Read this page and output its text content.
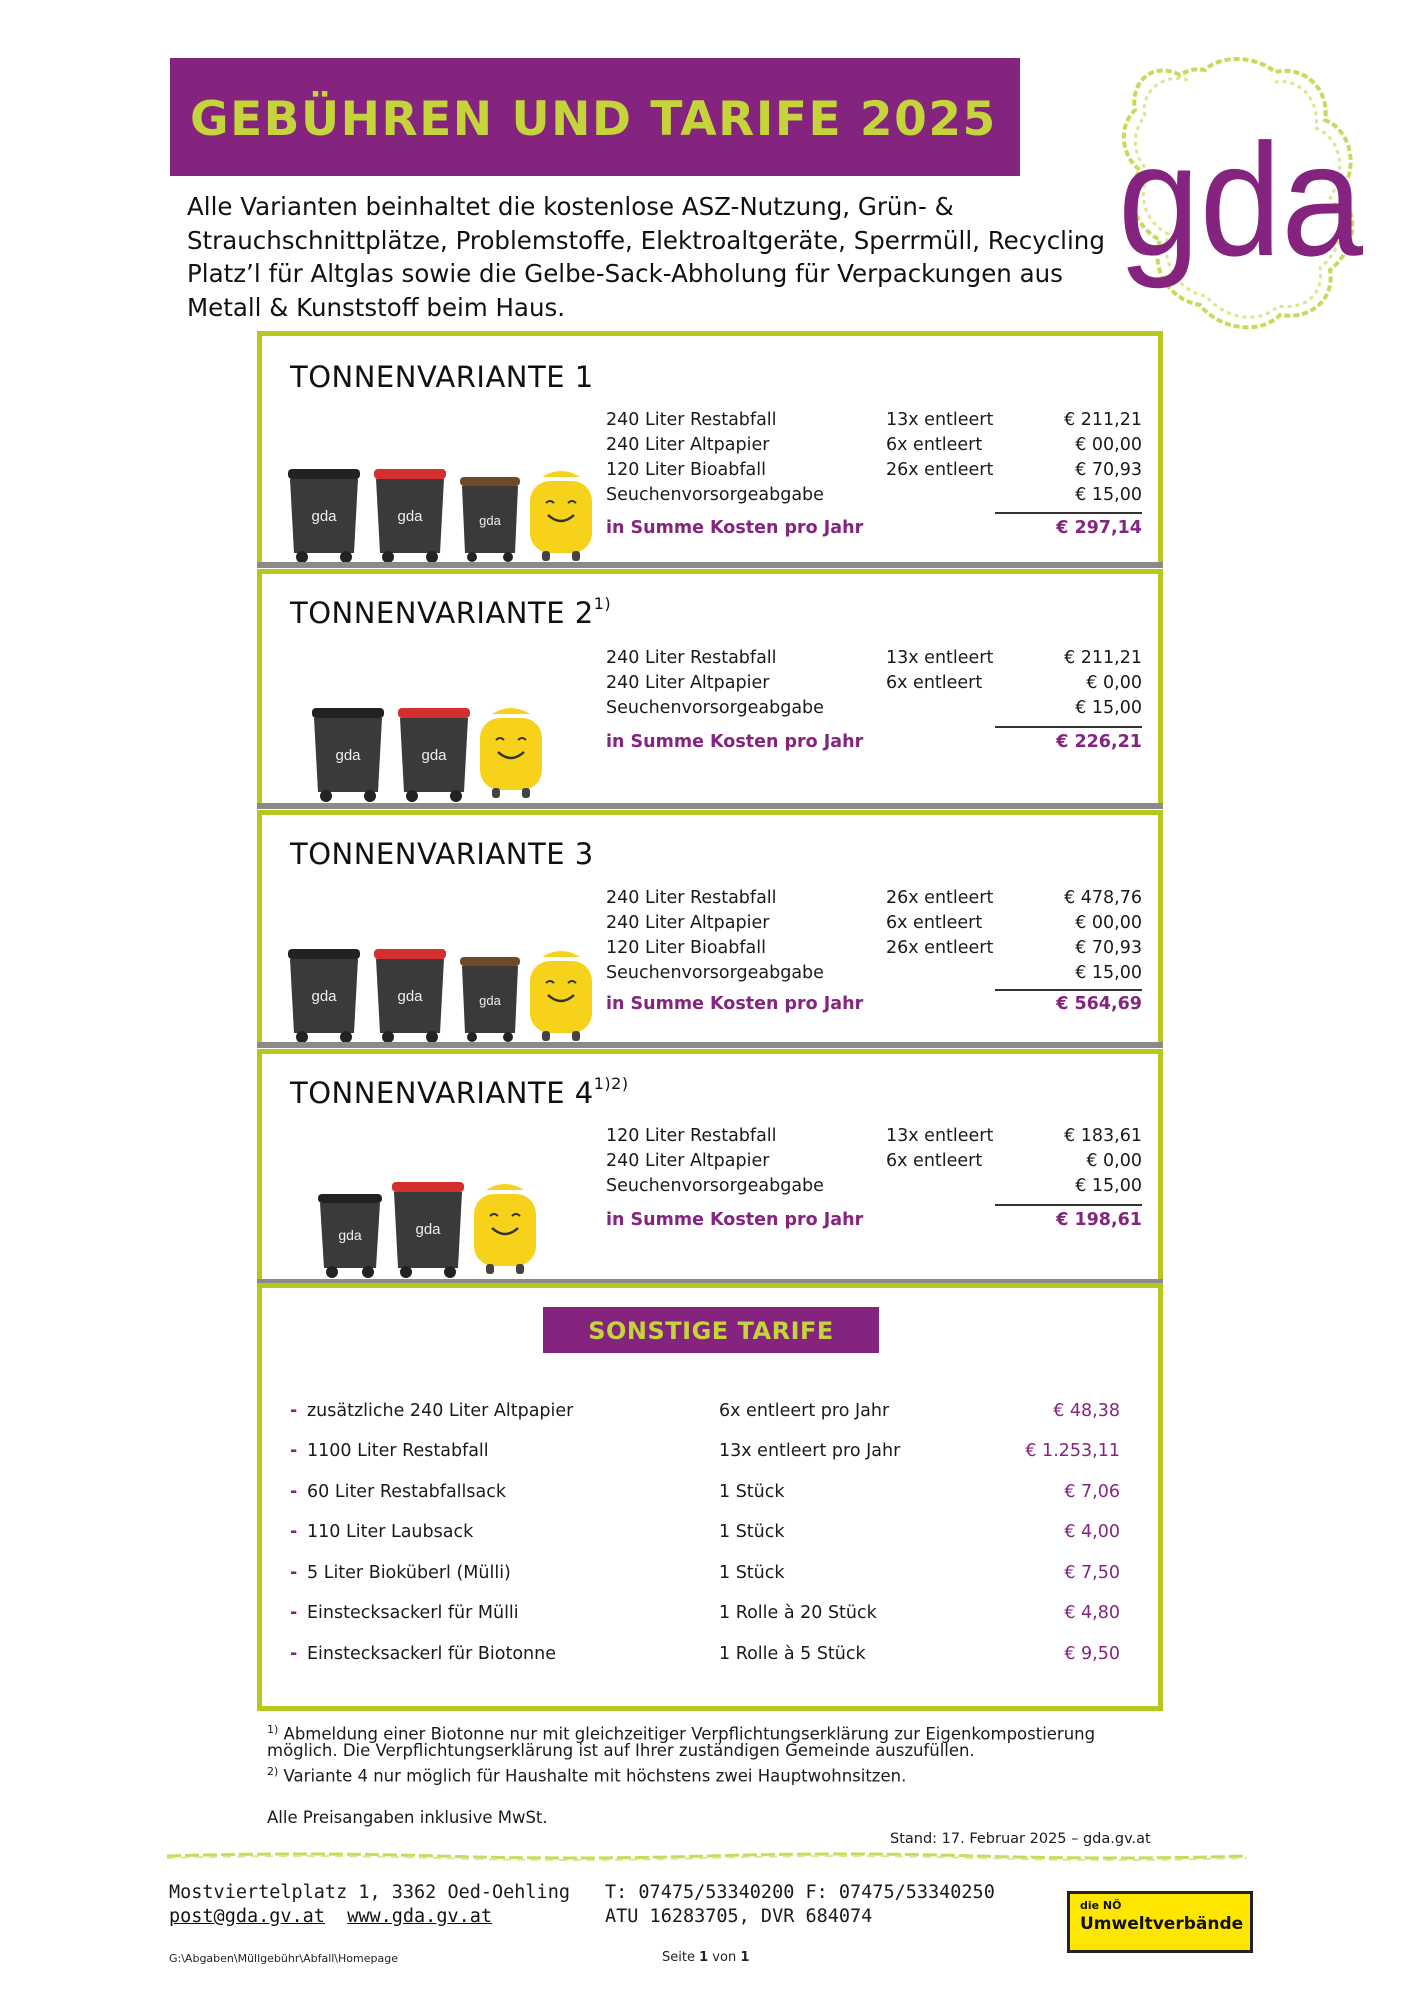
GEBÜHREN UND TARIFE 2025 gda
Alle Varianten beinhaltet die kostenlose ASZ-Nutzung, Grün- & Strauchschnittplätze, Problemstoffe, Elektroaltgeräte, Sperrmüll, Recycling Platz’l für Altglas sowie die Gelbe-Sack-Abholung für Verpackungen aus Metall & Kunststoff beim Haus.
TONNENVARIANTE 1
gda	gda	gda
240 Liter Restabfall	13x entleert	€ 211,21
240 Liter Altpapier	6x entleert	€ 00,00
120 Liter Bioabfall	26x entleert	€ 70,93
Seuchenvorsorgeabgabe	€ 15,00
in Summe Kosten pro Jahr	€ 297,14
TONNENVARIANTE 2$^{1)}$
gda	gda
240 Liter Restabfall	13x entleert	€ 211,21
240 Liter Altpapier	6x entleert	€ 0,00
Seuchenvorsorgeabgabe	€ 15,00
in Summe Kosten pro Jahr	€ 226,21
TONNENVARIANTE 3
gda	gda	gda
240 Liter Restabfall	26x entleert	€ 478,76
240 Liter Altpapier	6x entleert	€ 00,00
120 Liter Bioabfall	26x entleert	€ 70,93
Seuchenvorsorgeabgabe	€ 15,00
in Summe Kosten pro Jahr	€ 564,69
TONNENVARIANTE $4^{1)2)}$
gda	gda
120 Liter Restabfall	13x entleert	€ 183,61
240 Liter Altpapier	6x entleert	€ 0,00
Seuchenvorsorgeabgabe	€ 15,00
in Summe Kosten pro Jahr	€ 198,61
SONSTIGE TARIFE
- zusätzliche 240 Liter Altpapier	6x entleert pro Jahr	€ 48,38
- 1100 Liter Restabfall	13x entleert pro Jahr	€ 1.253,11
- 60 Liter Restabfallsack	1 Stück	€ 7,06
- 110 Liter Laubsack	1 Stück	€ 4,00
- 5 Liter Bioküberl (Mülli)	1 Stück	€ 7,50
- Einstecksackerl für Mülli	1 Rolle à 20 Stück	€ 4,80
- Einstecksackerl für Biotonne	1 Rolle à 5 Stück	€ 9,50
$^{1)}$ Abmeldung einer Biotonne nur mit gleichzeitiger Verpflichtungserklärung zur Eigenkompostierung
möglich. Die Verpflichtungserklärung ist auf Ihrer zuständigen Gemeinde auszufüllen.
$^{2)}$ Variante 4 nur möglich für Haushalte mit höchstens zwei Hauptwohnsitzen.
Alle Preisangaben inklusive MwSt.
Stand: 17. Februar 2025 – gda.gv.at
Mostviertelplatz 1, 3362 Oed-Oehling
post@gda.gv.at www.gda.gv.at
T: 07475/53340200 F: 07475/53340250
ATU 16283705, DVR 684074
die NÖ
Umweltverbände
G:\Abgaben\Müllgebühr\Abfall\Homepage	Seite 1 von 1
